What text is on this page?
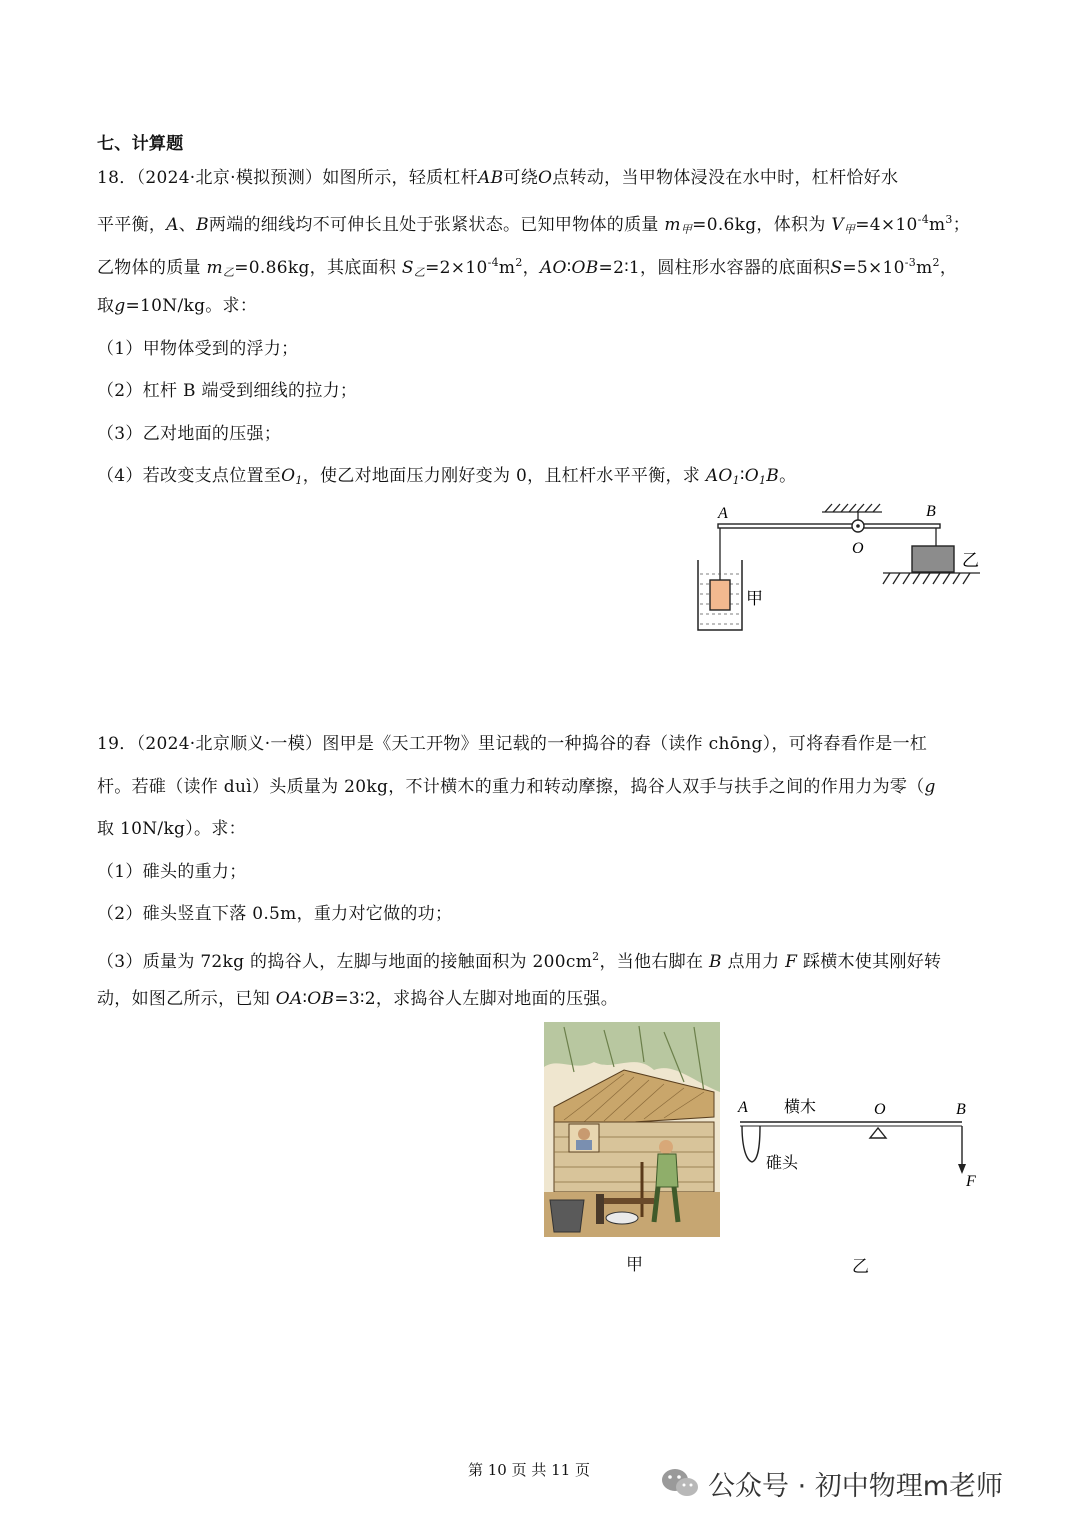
七、计算题
18．（2024·北京·模拟预测）如图所示，轻质杠杆AB可绕O点转动，当甲物体浸没在水中时，杠杆恰好水
平平衡，A、B两端的细线均不可伸长且处于张紧状态。已知甲物体的质量 $m_甲=0.6kg$，体积为 $V_甲=4\times 10^{-4}m^3$；
乙物体的质量 $m_乙=0.86kg$，其底面积 $S_乙=2\times 10^{-4}m^2$，AO∶OB=2∶1，圆柱形水容器的底面积$S=5\times 10^{-3}m^2$，
取g=10N/kg。求：
（1）甲物体受到的浮力；
（2）杠杆 B 端受到细线的拉力；
（3）乙对地面的压强；
（4）若改变支点位置至$O_1$，使乙对地面压力刚好变为 0，且杠杆水平平衡，求 $AO_1∶O_1B$。
A	B
O
甲
乙
19．（2024·北京顺义·一模）图甲是《天工开物》里记载的一种捣谷的舂（读作 chōng），可将舂看作是一杠
杆。若碓（读作 duì）头质量为 20kg，不计横木的重力和转动摩擦，捣谷人双手与扶手之间的作用力为零（g
取 10N/kg）。求：
（1）碓头的重力；
（2）碓头竖直下落 0.5m，重力对它做的功；
（3）质量为 72kg 的捣谷人，左脚与地面的接触面积为 $200cm^2$，当他右脚在 B 点用力 F 踩横木使其刚好转
动，如图乙所示，已知 OA∶OB=3∶2，求捣谷人左脚对地面的压强。
甲
A 横木	O	B
碓头
F
乙
第 10 页 共 11 页
公众号 · 初中物理m老师
